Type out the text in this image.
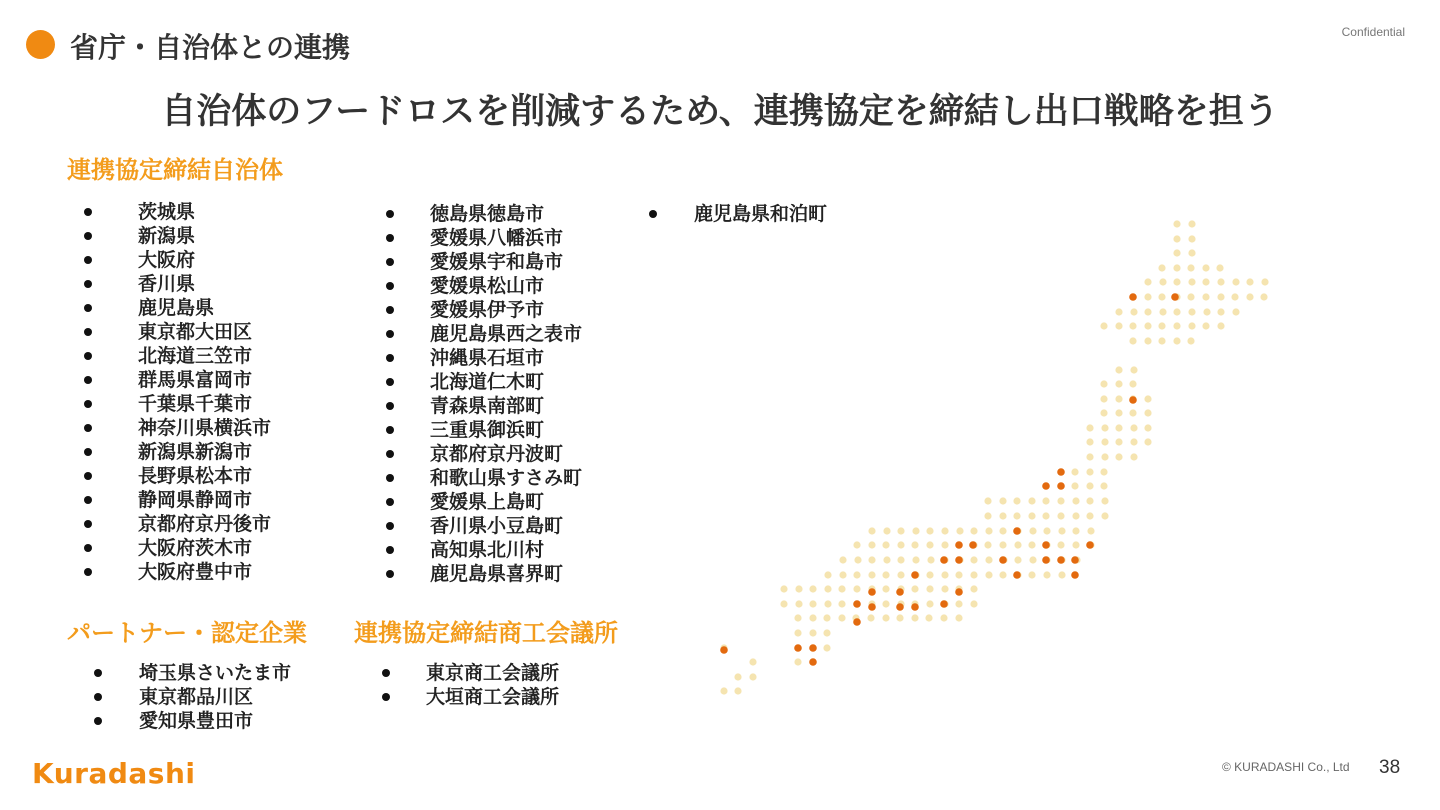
省庁・自治体との連携	Confidential
自治体のフードロスを削減するため、連携協定を締結し出口戦略を担う
連携協定締結自治体
茨城県
新潟県
大阪府
香川県
鹿児島県
東京都大田区
北海道三笠市
群馬県富岡市
千葉県千葉市
神奈川県横浜市
新潟県新潟市
長野県松本市
静岡県静岡市
京都府京丹後市
大阪府茨木市
大阪府豊中市
徳島県徳島市
愛媛県八幡浜市
愛媛県宇和島市
愛媛県松山市
愛媛県伊予市
鹿児島県西之表市
沖縄県石垣市
北海道仁木町
青森県南部町
三重県御浜町
京都府京丹波町
和歌山県すさみ町
愛媛県上島町
香川県小豆島町
高知県北川村
鹿児島県喜界町
鹿児島県和泊町
パートナー・認定企業
埼玉県さいたま市
東京都品川区
愛知県豊田市
連携協定締結商工会議所
東京商工会議所
大垣商工会議所
Kuradashi	© KURADASHI Co., Ltd 38
